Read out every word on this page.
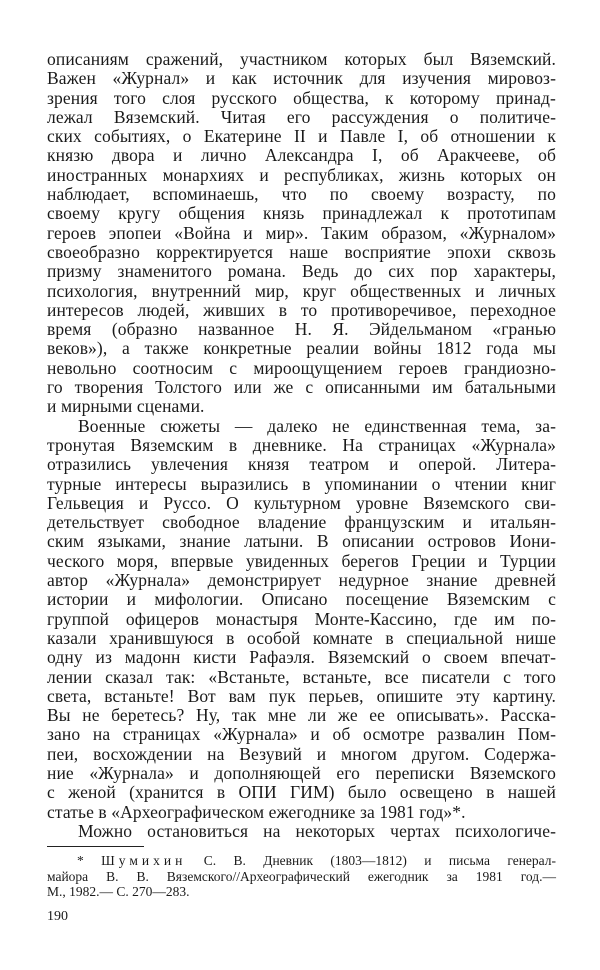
описаниям сражений, участником которых был Вяземский.
Важен «Журнал» и как источник для изучения мировоз-
зрения того слоя русского общества, к которому принад-
лежал Вяземский. Читая его рассуждения о политиче-
ских событиях, о Екатерине II и Павле I, об отношении к
князю двора и лично Александра I, об Аракчееве, об
иностранных монархиях и республиках, жизнь которых он
наблюдает, вспоминаешь, что по своему возрасту, по
своему кругу общения князь принадлежал к прототипам
героев эпопеи «Война и мир». Таким образом, «Журналом»
своеобразно корректируется наше восприятие эпохи сквозь
призму знаменитого романа. Ведь до сих пор характеры,
психология, внутренний мир, круг общественных и личных
интересов людей, живших в то противоречивое, переходное
время (образно названное Н. Я. Эйдельманом «гранью
веков»), а также конкретные реалии войны 1812 года мы
невольно соотносим с мироощущением героев грандиозно-
го творения Толстого или же с описанными им батальными
и мирными сценами.
Военные сюжеты — далеко не единственная тема, за-
тронутая Вяземским в дневнике. На страницах «Журнала»
отразились увлечения князя театром и оперой. Литера-
турные интересы выразились в упоминании о чтении книг
Гельвеция и Руссо. О культурном уровне Вяземского сви-
детельствует свободное владение французским и итальян-
ским языками, знание латыни. В описании островов Иони-
ческого моря, впервые увиденных берегов Греции и Турции
автор «Журнала» демонстрирует недурное знание древней
истории и мифологии. Описано посещение Вяземским с
группой офицеров монастыря Монте-Кассино, где им по-
казали хранившуюся в особой комнате в специальной нише
одну из мадонн кисти Рафаэля. Вяземский о своем впечат-
лении сказал так: «Встаньте, встаньте, все писатели с того
света, встаньте! Вот вам пук перьев, опишите эту картину.
Вы не беретесь? Ну, так мне ли же ее описывать». Расска-
зано на страницах «Журнала» и об осмотре развалин Пом-
пеи, восхождении на Везувий и многом другом. Содержа-
ние «Журнала» и дополняющей его переписки Вяземского
с женой (хранится в ОПИ ГИМ) было освещено в нашей
статье в «Археографическом ежегоднике за 1981 год»*.
Можно остановиться на некоторых чертах психологиче-
* Шумихин С. В. Дневник (1803—1812) и письма генерал-
майора В. В. Вяземского//Археографический ежегодник за 1981 год.—
М., 1982.— С. 270—283.
190
